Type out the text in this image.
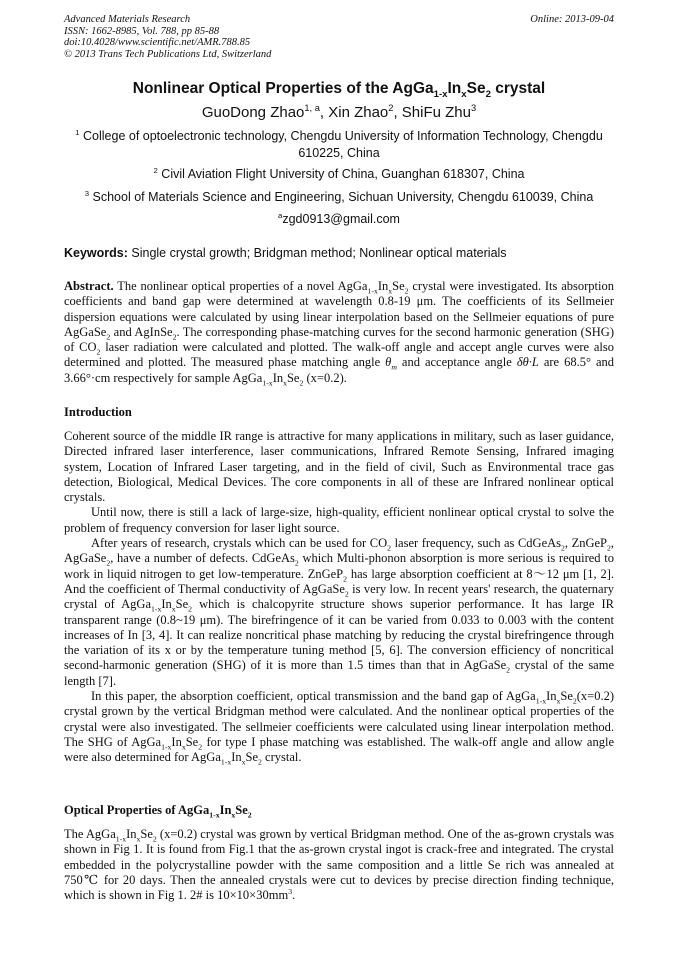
Advanced Materials Research
ISSN: 1662-8985, Vol. 788, pp 85-88
doi:10.4028/www.scientific.net/AMR.788.85
© 2013 Trans Tech Publications Ltd, Switzerland
Online: 2013-09-04
Nonlinear Optical Properties of the $AgGa_{1-x}In_xSe_2$ crystal
GuoDong Zhao$^{1, a}$, Xin Zhao$^2$, ShiFu Zhu$^3$
$^1$ College of optoelectronic technology, Chengdu University of Information Technology, Chengdu
610225, China
$^2$ Civil Aviation Flight University of China, Guanghan 618307, China
$^3$ School of Materials Science and Engineering, Sichuan University, Chengdu 610039, China
$^a$zgd0913@gmail.com
Keywords: Single crystal growth; Bridgman method; Nonlinear optical materials

Abstract. The nonlinear optical properties of a novel $AgGa_{1-x}In_xSe_2$ crystal were investigated. Its absorption coefficients and band gap were determined at wavelength 0.8-19 μm. The coefficients of its Sellmeier dispersion equations were calculated by using linear interpolation based on the Sellmeier equations of pure AgGaSe$_2$ and AgInSe$_2$. The corresponding phase-matching curves for the second harmonic generation (SHG) of $CO_2$ laser radiation were calculated and plotted. The walk-off angle and accept angle curves were also determined and plotted. The measured phase matching angle $\theta_m$ and acceptance angle δθ·L are 68.5° and 3.66°·cm respectively for sample $AgGa_{1-x}In_xSe_2$ (x=0.2).

Introduction

Coherent source of the middle IR range is attractive for many applications in military, such as laser guidance, Directed infrared laser interference, laser communications, Infrared Remote Sensing, Infrared imaging system, Location of Infrared Laser targeting, and in the field of civil, Such as Environmental trace gas detection, Biological, Medical Devices. The core components in all of these are Infrared nonlinear optical crystals.

Until now, there is still a lack of large-size, high-quality, efficient nonlinear optical crystal to solve the problem of frequency conversion for laser light source.

After years of research, crystals which can be used for $CO_2$ laser frequency, such as CdGeAs$_2$, ZnGeP$_2$, AgGaSe$_2$, have a number of defects. CdGeAs$_2$ which Multi-phonon absorption is more serious is required to work in liquid nitrogen to get low-temperature. ZnGeP$_2$ has large absorption coefficient at 8～12 μm [1, 2]. And the coefficient of Thermal conductivity of AgGaSe$_2$ is very low. In recent years' research, the quaternary crystal of $AgGa_{1-x}In_xSe_2$ which is chalcopyrite structure shows superior performance. It has large IR transparent range (0.8~19 μm). The birefringence of it can be varied from 0.033 to 0.003 with the content increases of In [3, 4]. It can realize noncritical phase matching by reducing the crystal birefringence through the variation of its x or by the temperature tuning method [5, 6]. The conversion efficiency of noncritical second-harmonic generation (SHG) of it is more than 1.5 times than that in AgGaSe$_2$ crystal of the same length [7].

In this paper, the absorption coefficient, optical transmission and the band gap of $AgGa_{1-x}In_xSe_2(x=0.2)$ crystal grown by the vertical Bridgman method were calculated. And the nonlinear optical properties of the crystal were also investigated. The sellmeier coefficients were calculated using linear interpolation method. The SHG of $AgGa_{1-x}In_xSe_2$ for type I phase matching was established. The walk-off angle and allow angle were also determined for $AgGa_{1-x}In_xSe_2$ crystal.

Optical Properties of $AgGa_{1-x}In_xSe_2$

The $AgGa_{1-x}In_xSe_2$ (x=0.2) crystal was grown by vertical Bridgman method. One of the as-grown crystals was shown in Fig 1. It is found from Fig.1 that the as-grown crystal ingot is crack-free and integrated. The crystal embedded in the polycrystalline powder with the same composition and a little Se rich was annealed at 750℃ for 20 days. Then the annealed crystals were cut to devices by precise direction finding technique, which is shown in Fig 1. 2# is $10\times 10\times 30mm^3$.
